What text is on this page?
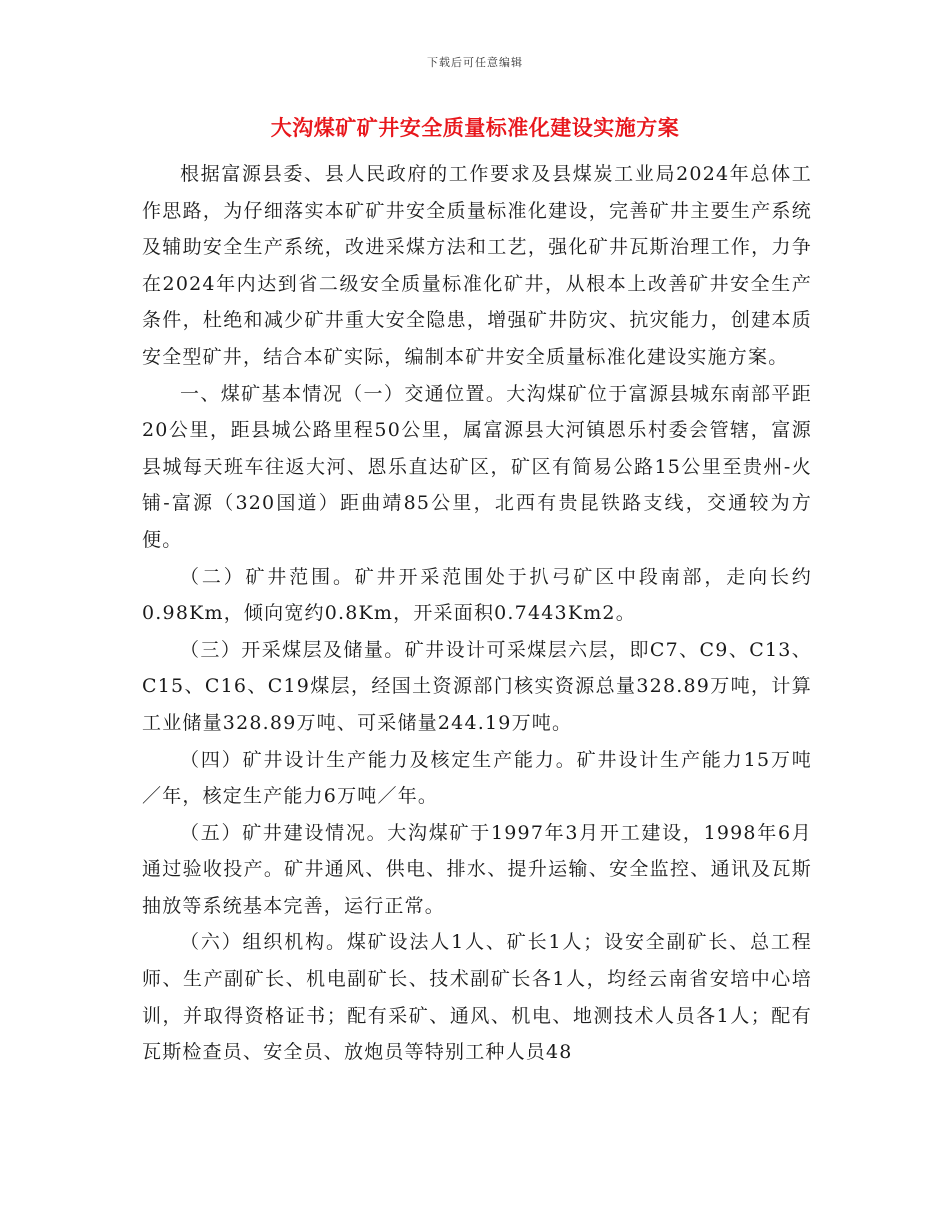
下载后可任意编辑
大沟煤矿矿井安全质量标准化建设实施方案

根据富源县委、县人民政府的工作要求及县煤炭工业局2024年总体工作思路，为仔细落实本矿矿井安全质量标准化建设，完善矿井主要生产系统及辅助安全生产系统，改进采煤方法和工艺，强化矿井瓦斯治理工作，力争在2024年内达到省二级安全质量标准化矿井，从根本上改善矿井安全生产条件，杜绝和减少矿井重大安全隐患，增强矿井防灾、抗灾能力，创建本质安全型矿井，结合本矿实际，编制本矿井安全质量标准化建设实施方案。

一、煤矿基本情况（一）交通位置。大沟煤矿位于富源县城东南部平距20公里，距县城公路里程50公里，属富源县大河镇恩乐村委会管辖，富源县城每天班车往返大河、恩乐直达矿区，矿区有简易公路15公里至贵州-火铺-富源（320国道）距曲靖85公里，北西有贵昆铁路支线，交通较为方便。

（二）矿井范围。矿井开采范围处于扒弓矿区中段南部，走向长约0.98Km，倾向宽约0.8Km，开采面积0.7443Km2。

（三）开采煤层及储量。矿井设计可采煤层六层，即C7、C9、C13、C15、C16、C19煤层，经国土资源部门核实资源总量328.89万吨，计算工业储量328.89万吨、可采储量244.19万吨。

（四）矿井设计生产能力及核定生产能力。矿井设计生产能力15万吨／年，核定生产能力6万吨／年。

（五）矿井建设情况。大沟煤矿于1997年3月开工建设，1998年6月通过验收投产。矿井通风、供电、排水、提升运输、安全监控、通讯及瓦斯抽放等系统基本完善，运行正常。

（六）组织机构。煤矿设法人1人、矿长1人；设安全副矿长、总工程师、生产副矿长、机电副矿长、技术副矿长各1人，均经云南省安培中心培训，并取得资格证书；配有采矿、通风、机电、地测技术人员各1人；配有瓦斯检查员、安全员、放炮员等特别工种人员48
